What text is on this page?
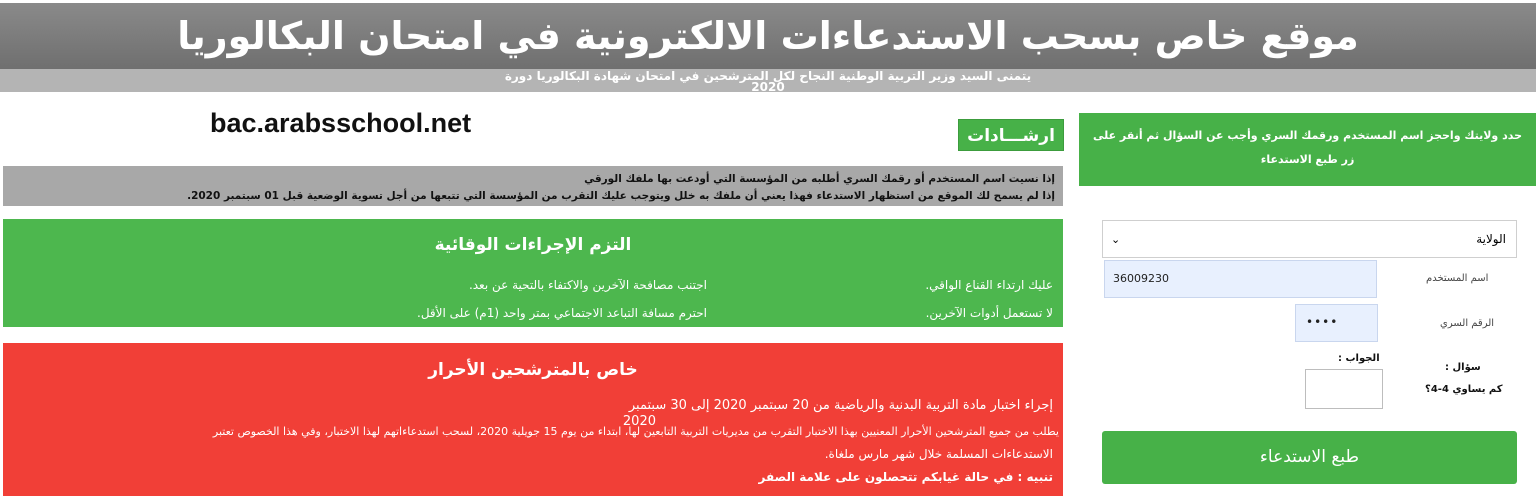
موقع خاص بسحب الاستدعاءات الالكترونية في امتحان البكالوريا
يتمنى السيد وزير التربية الوطنية النجاح لكل المترشحين في امتحان شهادة البكالوريا دورة
2020
bac.arabsschool.net	ارشـــادات
إذا نسيت اسم المستخدم أو رقمك السري أطلبه من المؤسسة التي أودعت بها ملفك الورقي
إذا لم يسمح لك الموقع من استظهار الاستدعاء فهذا يعني أن ملفك به خلل ويتوجب عليك التقرب من المؤسسة التي تتبعها من أجل تسوية الوضعية قبل 01 سبتمبر 2020.
التزم الإجراءات الوقائية
عليك ارتداء القناع الواقي.
اجتنب مصافحة الآخرين والاكتفاء بالتحية عن بعد.
لا تستعمل أدوات الآخرين.
احترم مسافة التباعد الاجتماعي بمتر واحد (1م) على الأقل.
خاص بالمترشحين الأحرار
إجراء اختبار مادة التربية البدنية والرياضية من 20 سبتمبر 2020 إلى 30 سبتمبر
2020
يطلب من جميع المترشحين الأحرار المعنيين بهذا الاختبار التقرب من مديريات التربية التابعين لها، ابتداء من يوم 15 جويلية 2020، لسحب استدعاءاتهم لهذا الاختبار، وفي هذا الخصوص تعتبر
الاستدعاءات المسلمة خلال شهر مارس ملغاة.
تنبيه : في حالة غيابكم تتحصلون على علامة الصفر
حدد ولايتك واحجز اسم المستخدم ورقمك السري وأجب عن السؤال ثم أنقر على
زر طبع الاستدعاء
الولاية
⌄
اسم المستخدم
36009230
الرقم السري
••••
الجواب :
سؤال :
كم يساوي 4-4؟
طبع الاستدعاء
